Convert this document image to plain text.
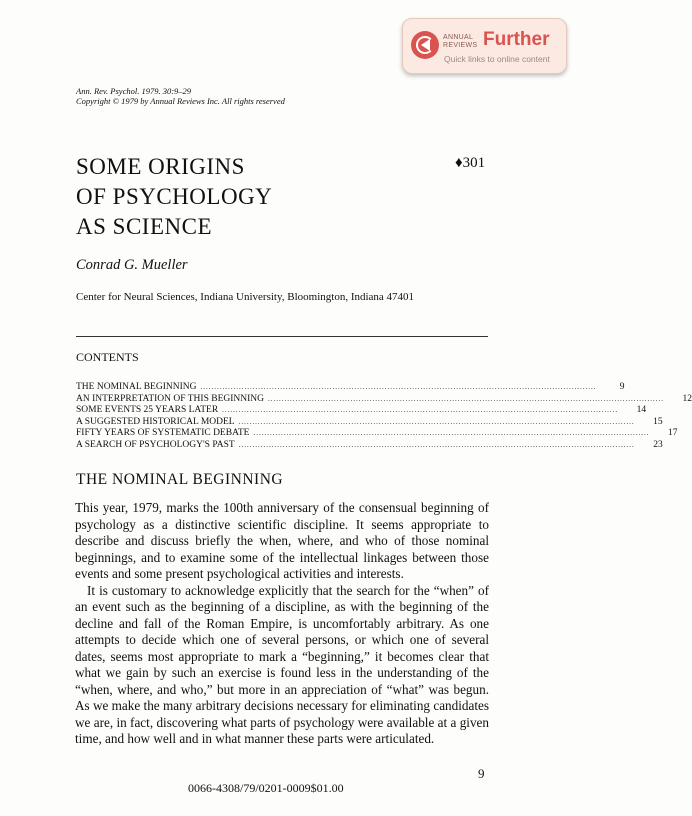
ANNUAL REVIEWS Further
Quick links to online content
Ann. Rev. Psychol. 1979. 30:9–29
Copyright © 1979 by Annual Reviews Inc. All rights reserved
SOME ORIGINS
OF PSYCHOLOGY
AS SCIENCE
♦301
Conrad G. Mueller
Center for Neural Sciences, Indiana University, Bloomington, Indiana 47401
CONTENTS
THE NOMINAL BEGINNING ................................................................................................................................................	9
AN INTERPRETATION OF THIS BEGINNING ................................................................................................................................................	12
SOME EVENTS 25 YEARS LATER ................................................................................................................................................	14
A SUGGESTED HISTORICAL MODEL ................................................................................................................................................	15
FIFTY YEARS OF SYSTEMATIC DEBATE ................................................................................................................................................	17
A SEARCH OF PSYCHOLOGY'S PAST ................................................................................................................................................	23
THE NOMINAL BEGINNING

This year, 1979, marks the 100th anniversary of the consensual beginning of psychology as a distinctive scientific discipline. It seems appropriate to describe and discuss briefly the when, where, and who of those nominal beginnings, and to examine some of the intellectual linkages between those events and some present psychological activities and interests.

It is customary to acknowledge explicitly that the search for the “when” of an event such as the beginning of a discipline, as with the beginning of the decline and fall of the Roman Empire, is uncomfortably arbitrary. As one attempts to decide which one of several persons, or which one of several dates, seems most appropriate to mark a “beginning,” it becomes clear that what we gain by such an exercise is found less in the understanding of the “when, where, and who,” but more in an appreciation of “what” was begun. As we make the many arbitrary decisions necessary for eliminating candidates we are, in fact, discovering what parts of psychology were available at a given time, and how well and in what manner these parts were articulated.

9
0066-4308/79/0201-0009$01.00
